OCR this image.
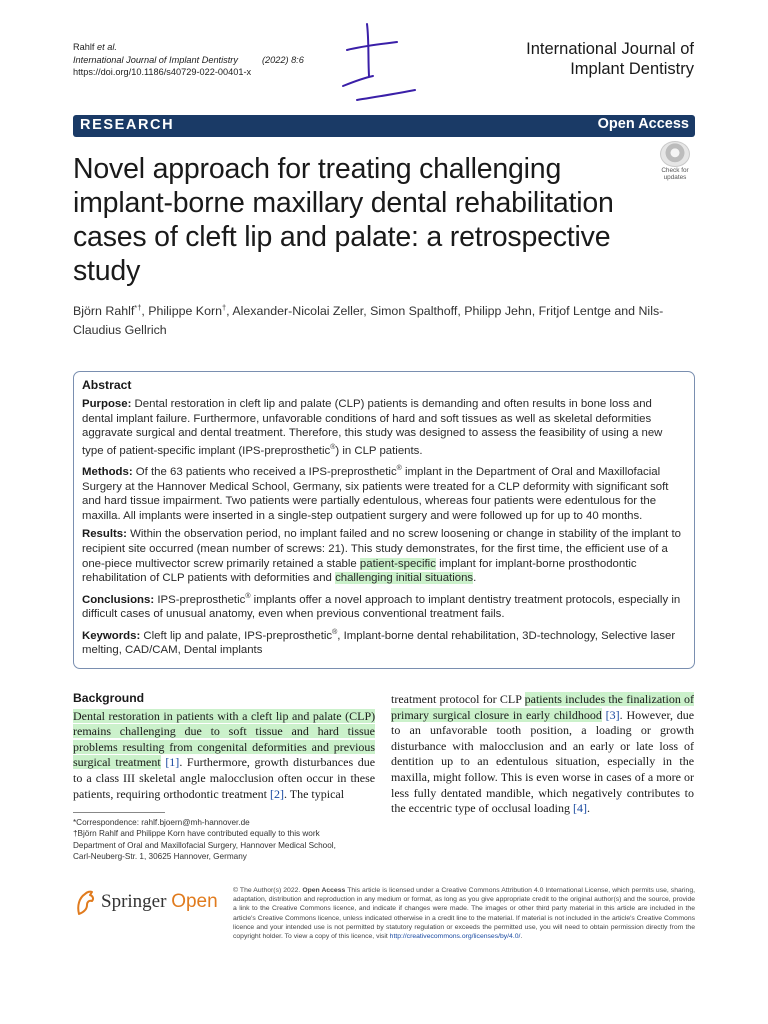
Rahlf et al.
International Journal of Implant Dentistry	(2022) 8:6
https://doi.org/10.1186/s40729-022-00401-x
International Journal of
Implant Dentistry
RESEARCH	Open Access
Novel approach for treating challenging implant-borne maxillary dental rehabilitation cases of cleft lip and palate: a retrospective study
Check for
updates
Björn Rahlf*†, Philippe Korn†, Alexander-Nicolai Zeller, Simon Spalthoff, Philipp Jehn, Fritjof Lentge and Nils-Claudius Gellrich
Abstract

Purpose: Dental restoration in cleft lip and palate (CLP) patients is demanding and often results in bone loss and dental implant failure. Furthermore, unfavorable conditions of hard and soft tissues as well as skeletal deformities aggravate surgical and dental treatment. Therefore, this study was designed to assess the feasibility of using a new type of patient-specific implant (IPS-preprosthetic®) in CLP patients.

Methods: Of the 63 patients who received a IPS-preprosthetic® implant in the Department of Oral and Maxillofacial Surgery at the Hannover Medical School, Germany, six patients were treated for a CLP deformity with significant soft and hard tissue impairment. Two patients were partially edentulous, whereas four patients were edentulous for the maxilla. All implants were inserted in a single-step outpatient surgery and were followed up for up to 40 months.

Results: Within the observation period, no implant failed and no screw loosening or change in stability of the implant to recipient site occurred (mean number of screws: 21). This study demonstrates, for the first time, the efficient use of a one-piece multivector screw primarily retained a stable patient-specific implant for implant-borne prosthodontic rehabilitation of CLP patients with deformities and challenging initial situations.

Conclusions: IPS-preprosthetic® implants offer a novel approach to implant dentistry treatment protocols, especially in difficult cases of unusual anatomy, even when previous conventional treatment fails.

Keywords: Cleft lip and palate, IPS-preprosthetic®, Implant-borne dental rehabilitation, 3D-technology, Selective laser melting, CAD/CAM, Dental implants

Background
Dental restoration in patients with a cleft lip and palate (CLP) remains challenging due to soft tissue and hard tissue problems resulting from congenital deformities and previous surgical treatment [1]. Furthermore, growth disturbances due to a class III skeletal angle malocclusion often occur in these patients, requiring orthodontic treatment [2]. The typical
treatment protocol for CLP patients includes the finalization of primary surgical closure in early childhood [3]. However, due to an unfavorable tooth position, a loading or growth disturbance with malocclusion and an early or late loss of dentition up to an edentulous situation, especially in the maxilla, might follow. This is even worse in cases of a more or less fully dentated mandible, which negatively contributes to the eccentric type of occlusal loading [4].
*Correspondence: rahlf.bjoern@mh-hannover.de
†Björn Rahlf and Philippe Korn have contributed equally to this work
Department of Oral and Maxillofacial Surgery, Hannover Medical School,
Carl-Neuberg-Str. 1, 30625 Hannover, Germany
Springer Open
© The Author(s) 2022. Open Access This article is licensed under a Creative Commons Attribution 4.0 International License, which permits use, sharing, adaptation, distribution and reproduction in any medium or format, as long as you give appropriate credit to the original author(s) and the source, provide a link to the Creative Commons licence, and indicate if changes were made. The images or other third party material in this article are included in the article's Creative Commons licence, unless indicated otherwise in a credit line to the material. If material is not included in the article's Creative Commons licence and your intended use is not permitted by statutory regulation or exceeds the permitted use, you will need to obtain permission directly from the copyright holder. To view a copy of this licence, visit http://creativecommons.org/licenses/by/4.0/.
